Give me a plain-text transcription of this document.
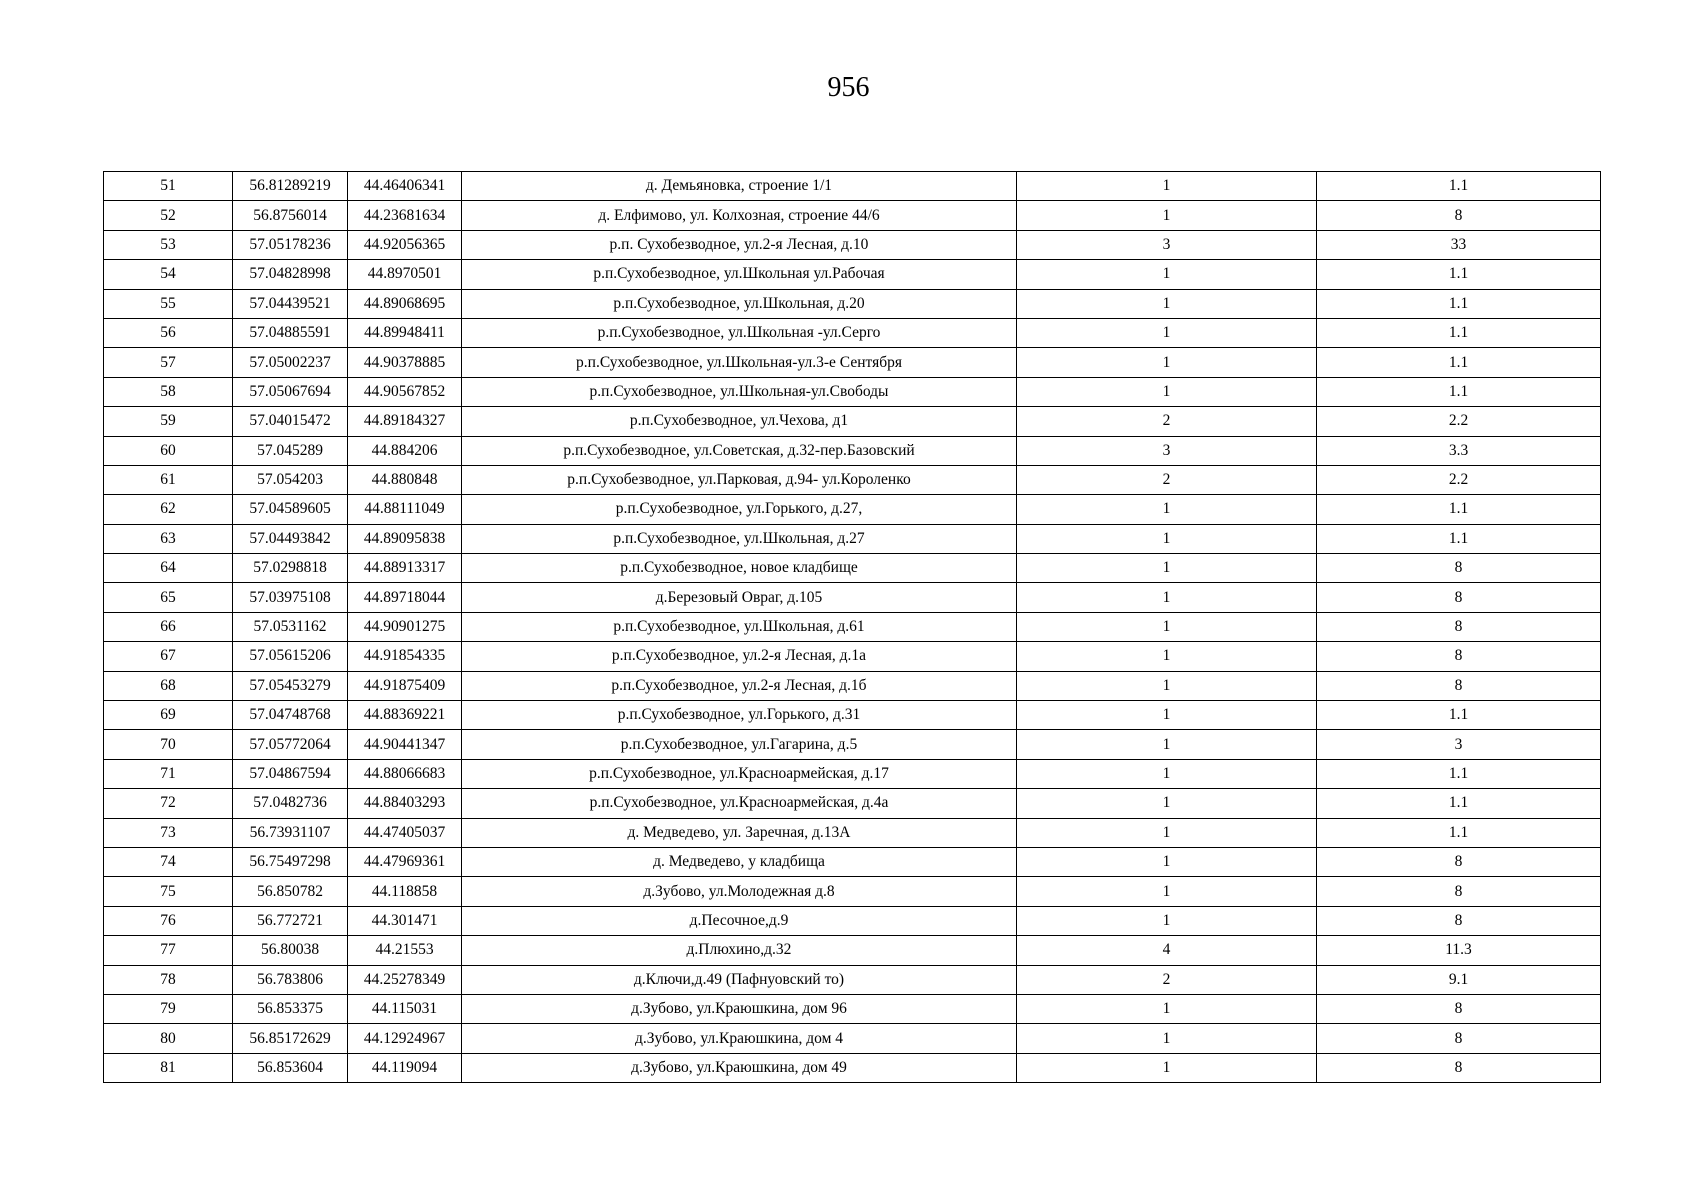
956
51	56.81289219	44.46406341	д. Демьяновка, строение 1/1	1	1.1
52	56.8756014	44.23681634	д. Елфимово, ул. Колхозная, строение 44/6	1	8
53	57.05178236	44.92056365	р.п. Сухобезводное, ул.2-я Лесная, д.10	3	33
54	57.04828998	44.8970501	р.п.Сухобезводное, ул.Школьная ул.Рабочая	1	1.1
55	57.04439521	44.89068695	р.п.Сухобезводное, ул.Школьная, д.20	1	1.1
56	57.04885591	44.89948411	р.п.Сухобезводное, ул.Школьная -ул.Серго	1	1.1
57	57.05002237	44.90378885	р.п.Сухобезводное, ул.Школьная-ул.3-е Сентября	1	1.1
58	57.05067694	44.90567852	р.п.Сухобезводное, ул.Школьная-ул.Свободы	1	1.1
59	57.04015472	44.89184327	р.п.Сухобезводное, ул.Чехова, д1	2	2.2
60	57.045289	44.884206	р.п.Сухобезводное, ул.Советская, д.32-пер.Базовский	3	3.3
61	57.054203	44.880848	р.п.Сухобезводное, ул.Парковая, д.94- ул.Короленко	2	2.2
62	57.04589605	44.88111049	р.п.Сухобезводное, ул.Горького, д.27,	1	1.1
63	57.04493842	44.89095838	р.п.Сухобезводное, ул.Школьная, д.27	1	1.1
64	57.0298818	44.88913317	р.п.Сухобезводное, новое кладбище	1	8
65	57.03975108	44.89718044	д.Березовый Овраг, д.105	1	8
66	57.0531162	44.90901275	р.п.Сухобезводное, ул.Школьная, д.61	1	8
67	57.05615206	44.91854335	р.п.Сухобезводное, ул.2-я Лесная, д.1а	1	8
68	57.05453279	44.91875409	р.п.Сухобезводное, ул.2-я Лесная, д.1б	1	8
69	57.04748768	44.88369221	р.п.Сухобезводное, ул.Горького, д.31	1	1.1
70	57.05772064	44.90441347	р.п.Сухобезводное, ул.Гагарина, д.5	1	3
71	57.04867594	44.88066683	р.п.Сухобезводное, ул.Красноармейская, д.17	1	1.1
72	57.0482736	44.88403293	р.п.Сухобезводное, ул.Красноармейская, д.4а	1	1.1
73	56.73931107	44.47405037	д. Медведево, ул. Заречная, д.13А	1	1.1
74	56.75497298	44.47969361	д. Медведево, у кладбища	1	8
75	56.850782	44.118858	д.Зубово, ул.Молодежная д.8	1	8
76	56.772721	44.301471	д.Песочное,д.9	1	8
77	56.80038	44.21553	д.Плюхино,д.32	4	11.3
78	56.783806	44.25278349	д.Ключи,д.49 (Пафнуовский то)	2	9.1
79	56.853375	44.115031	д.Зубово, ул.Краюшкина, дом 96	1	8
80	56.85172629	44.12924967	д.Зубово, ул.Краюшкина, дом 4	1	8
81	56.853604	44.119094	д.Зубово, ул.Краюшкина, дом 49	1	8
